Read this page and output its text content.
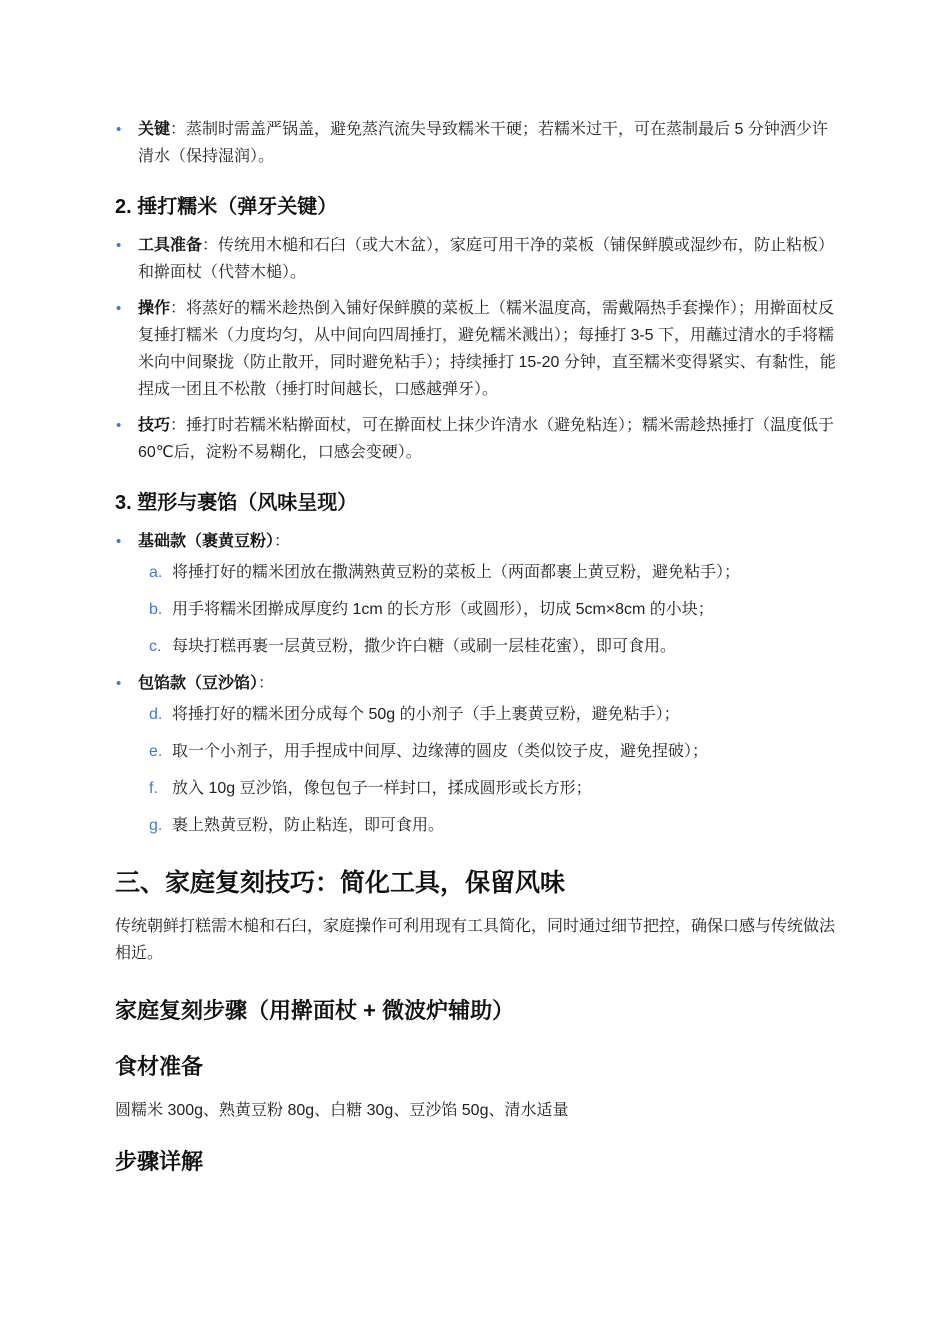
• 关键：蒸制时需盖严锅盖，避免蒸汽流失导致糯米干硬；若糯米过干，可在蒸制最后 5 分钟洒少许清水（保持湿润）。
2. 捶打糯米（弹牙关键）
• 工具准备：传统用木槌和石臼（或大木盆），家庭可用干净的菜板（铺保鲜膜或湿纱布，防止粘板）和擀面杖（代替木槌）。
• 操作：将蒸好的糯米趁热倒入铺好保鲜膜的菜板上（糯米温度高，需戴隔热手套操作）；用擀面杖反复捶打糯米（力度均匀，从中间向四周捶打，避免糯米溅出）；每捶打 3-5 下，用蘸过清水的手将糯米向中间聚拢（防止散开，同时避免粘手）；持续捶打 15-20 分钟，直至糯米变得紧实、有黏性，能捏成一团且不松散（捶打时间越长，口感越弹牙）。
• 技巧：捶打时若糯米粘擀面杖，可在擀面杖上抹少许清水（避免粘连）；糯米需趁热捶打（温度低于 60℃后，淀粉不易糊化，口感会变硬）。
3. 塑形与裹馅（风味呈现）
• 基础款（裹黄豆粉）：
a. 将捶打好的糯米团放在撒满熟黄豆粉的菜板上（两面都裹上黄豆粉，避免粘手）；
b. 用手将糯米团擀成厚度约 1cm 的长方形（或圆形），切成 5cm×8cm 的小块；
c. 每块打糕再裹一层黄豆粉，撒少许白糖（或刷一层桂花蜜），即可食用。
• 包馅款（豆沙馅）：
d. 将捶打好的糯米团分成每个 50g 的小剂子（手上裹黄豆粉，避免粘手）；
e. 取一个小剂子，用手捏成中间厚、边缘薄的圆皮（类似饺子皮，避免捏破）；
f. 放入 10g 豆沙馅，像包包子一样封口，揉成圆形或长方形；
g. 裹上熟黄豆粉，防止粘连，即可食用。
三、家庭复刻技巧：简化工具，保留风味

传统朝鲜打糕需木槌和石臼，家庭操作可利用现有工具简化，同时通过细节把控，确保口感与传统做法相近。

家庭复刻步骤（用擀面杖 + 微波炉辅助）
食材准备

圆糯米 300g、熟黄豆粉 80g、白糖 30g、豆沙馅 50g、清水适量

步骤详解
